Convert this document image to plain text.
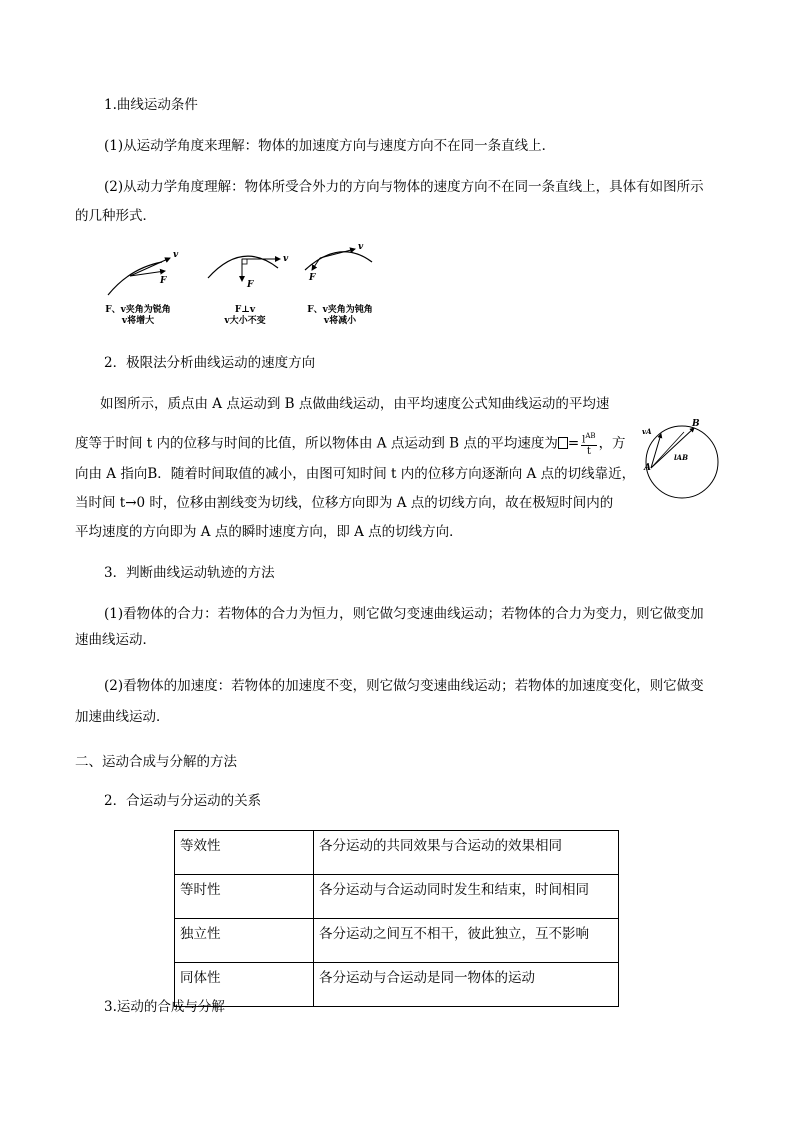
1.曲线运动条件
(1)从运动学角度来理解：物体的加速度方向与速度方向不在同一条直线上．
(2)从动力学角度理解：物体所受合外力的方向与物体的速度方向不在同一条直线上，具体有如图所示
的几种形式．
v
F
v
F
v
F
F、v夹角为锐角
v将增大
F⊥v
v大小不变
F、v夹角为钝角
v将减小
2．极限法分析曲线运动的速度方向
如图所示，质点由 A 点运动到 B 点做曲线运动，由平均速度公式知曲线运动的平均速
度等于时间 t 内的位移与时间的比值，所以物体由 A 点运动到 B 点的平均速度为 = $\frac{l^{AB}}{t}$ ，方
向由 A 指向B．随着时间取值的减小，由图可知时间 t 内的位移方向逐渐向 A 点的切线靠近，
当时间 t→0 时，位移由割线变为切线，位移方向即为 A 点的切线方向，故在极短时间内的
平均速度的方向即为 A 点的瞬时速度方向，即 A 点的切线方向．
vA
B
A
lAB
3．判断曲线运动轨迹的方法
(1)看物体的合力：若物体的合力为恒力，则它做匀变速曲线运动；若物体的合力为变力，则它做变加
速曲线运动．
(2)看物体的加速度：若物体的加速度不变，则它做匀变速曲线运动；若物体的加速度变化，则它做变
加速曲线运动．
二、运动合成与分解的方法
2．合运动与分运动的关系
等效性	各分运动的共同效果与合运动的效果相同
等时性	各分运动与合运动同时发生和结束，时间相同
独立性	各分运动之间互不相干，彼此独立，互不影响
同体性	各分运动与合运动是同一物体的运动
3.运动的合成与分解
